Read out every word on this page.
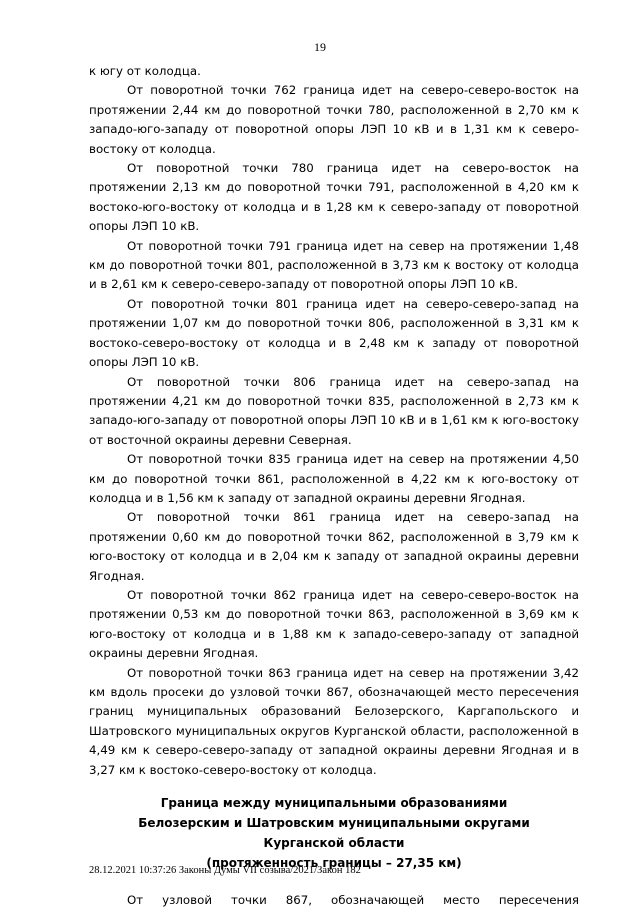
19

к югу от колодца.

От поворотной точки 762 граница идет на северо-северо-восток на протяжении 2,44 км до поворотной точки 780, расположенной в 2,70 км к западо-юго-западу от поворотной опоры ЛЭП 10 кВ и в 1,31 км к северо-востоку от колодца.

От поворотной точки 780 граница идет на северо-восток на протяжении 2,13 км до поворотной точки 791, расположенной в 4,20 км к востоко-юго-востоку от колодца и в 1,28 км к северо-западу от поворотной опоры ЛЭП 10 кВ.

От поворотной точки 791 граница идет на север на протяжении 1,48 км до поворотной точки 801, расположенной в 3,73 км к востоку от колодца и в 2,61 км к северо-северо-западу от поворотной опоры ЛЭП 10 кВ.

От поворотной точки 801 граница идет на северо-северо-запад на протяжении 1,07 км до поворотной точки 806, расположенной в 3,31 км к востоко-северо-востоку от колодца и в 2,48 км к западу от поворотной опоры ЛЭП 10 кВ.

От поворотной точки 806 граница идет на северо-запад на протяжении 4,21 км до поворотной точки 835, расположенной в 2,73 км к западо-юго-западу от поворотной опоры ЛЭП 10 кВ и в 1,61 км к юго-востоку от восточной окраины деревни Северная.

От поворотной точки 835 граница идет на север на протяжении 4,50 км до поворотной точки 861, расположенной в 4,22 км к юго-востоку от колодца и в 1,56 км к западу от западной окраины деревни Ягодная.

От поворотной точки 861 граница идет на северо-запад на протяжении 0,60 км до поворотной точки 862, расположенной в 3,79 км к юго-востоку от колодца и в 2,04 км к западу от западной окраины деревни Ягодная.

От поворотной точки 862 граница идет на северо-северо-восток на протяжении 0,53 км до поворотной точки 863, расположенной в 3,69 км к юго-востоку от колодца и в 1,88 км к западо-северо-западу от западной окраины деревни Ягодная.

От поворотной точки 863 граница идет на север на протяжении 3,42 км вдоль просеки до узловой точки 867, обозначающей место пересечения границ муниципальных образований Белозерского, Каргапольского и Шатровского муниципальных округов Курганской области, расположенной в 4,49 км к северо-северо-западу от западной окраины деревни Ягодная и в 3,27 км к востоко-северо-востоку от колодца.

Граница между муниципальными образованиями
Белозерским и Шатровским муниципальными округами
Курганской области
(протяженность границы – 27,35 км)

От узловой точки 867, обозначающей место пересечения

28.12.2021 10:37:26 Законы Думы VII созыва/2021/Закон 182
